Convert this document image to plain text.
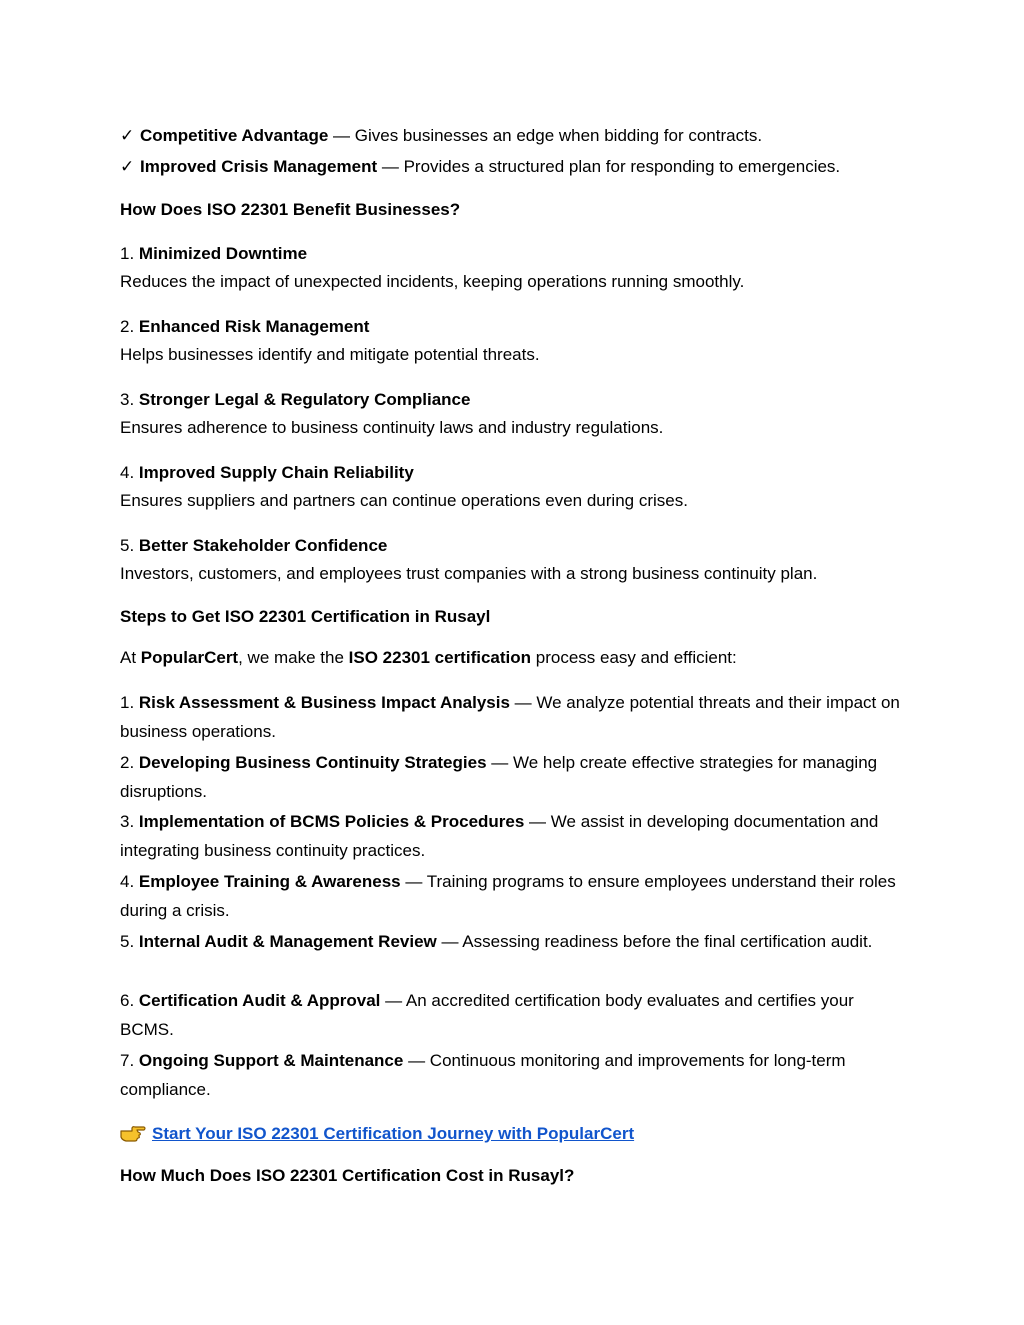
✓ Competitive Advantage — Gives businesses an edge when bidding for contracts.
✓ Improved Crisis Management — Provides a structured plan for responding to emergencies.
How Does ISO 22301 Benefit Businesses?
1. Minimized Downtime
Reduces the impact of unexpected incidents, keeping operations running smoothly.
2. Enhanced Risk Management
Helps businesses identify and mitigate potential threats.
3. Stronger Legal & Regulatory Compliance
Ensures adherence to business continuity laws and industry regulations.
4. Improved Supply Chain Reliability
Ensures suppliers and partners can continue operations even during crises.
5. Better Stakeholder Confidence
Investors, customers, and employees trust companies with a strong business continuity plan.
Steps to Get ISO 22301 Certification in Rusayl
At PopularCert, we make the ISO 22301 certification process easy and efficient:
1. Risk Assessment & Business Impact Analysis — We analyze potential threats and their impact on business operations.
2. Developing Business Continuity Strategies — We help create effective strategies for managing disruptions.
3. Implementation of BCMS Policies & Procedures — We assist in developing documentation and integrating business continuity practices.
4. Employee Training & Awareness — Training programs to ensure employees understand their roles during a crisis.
5. Internal Audit & Management Review — Assessing readiness before the final certification audit.
6. Certification Audit & Approval — An accredited certification body evaluates and certifies your BCMS.
7. Ongoing Support & Maintenance — Continuous monitoring and improvements for long-term compliance.
Start Your ISO 22301 Certification Journey with PopularCert
How Much Does ISO 22301 Certification Cost in Rusayl?
